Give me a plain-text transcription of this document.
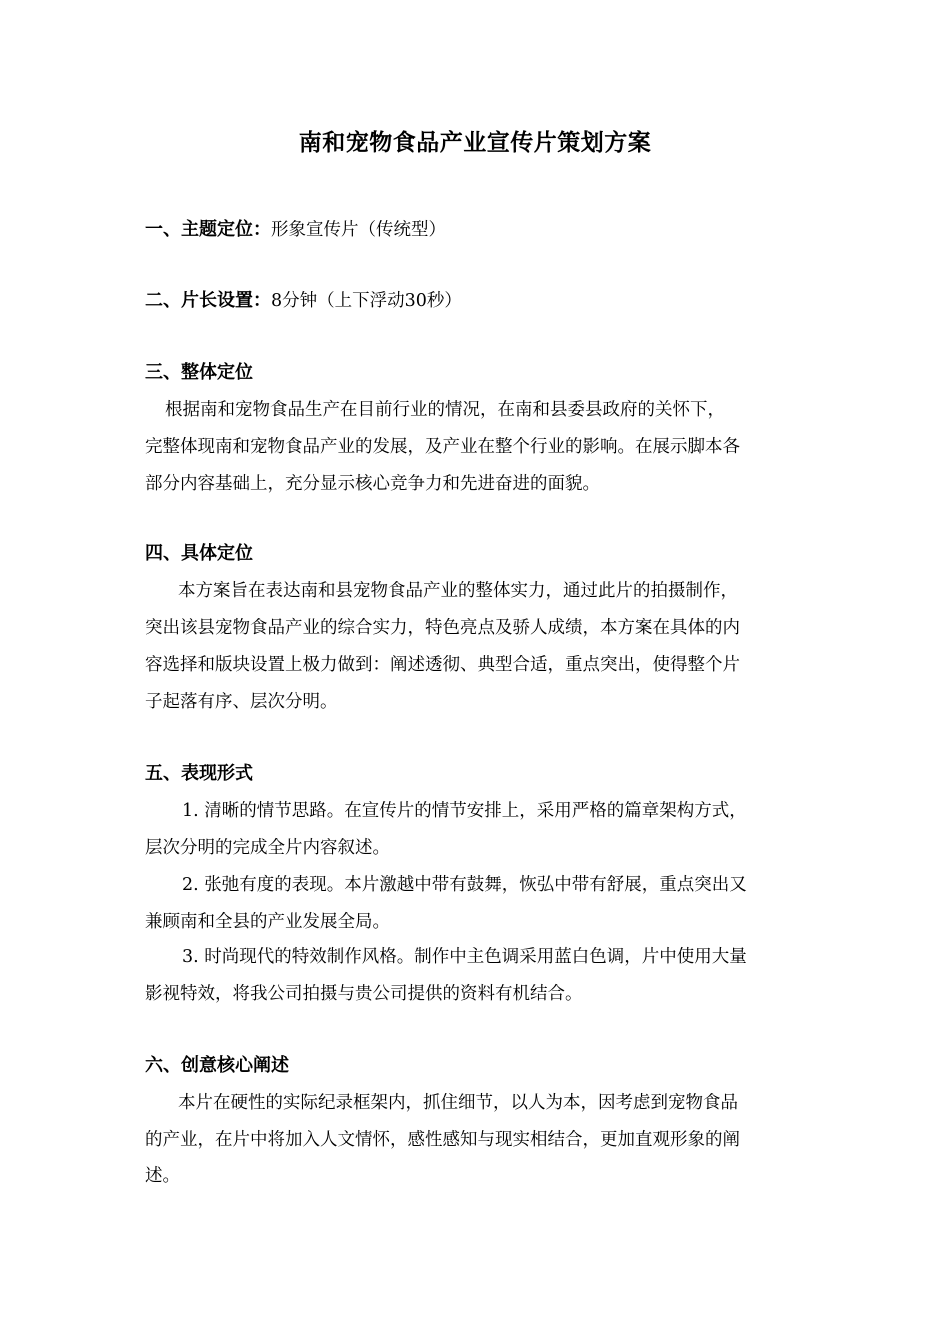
南和宠物食品产业宣传片策划方案
一、主题定位：形象宣传片（传统型）
二、片长设置：8分钟（上下浮动30秒）
三、整体定位
根据南和宠物食品生产在目前行业的情况，在南和县委县政府的关怀下，
完整体现南和宠物食品产业的发展，及产业在整个行业的影响。在展示脚本各
部分内容基础上，充分显示核心竞争力和先进奋进的面貌。
四、具体定位
本方案旨在表达南和县宠物食品产业的整体实力，通过此片的拍摄制作，
突出该县宠物食品产业的综合实力，特色亮点及骄人成绩，本方案在具体的内
容选择和版块设置上极力做到：阐述透彻、典型合适，重点突出，使得整个片
子起落有序、层次分明。
五、表现形式
1. 清晰的情节思路。在宣传片的情节安排上，采用严格的篇章架构方式，
层次分明的完成全片内容叙述。
2. 张弛有度的表现。本片激越中带有鼓舞，恢弘中带有舒展，重点突出又
兼顾南和全县的产业发展全局。
3. 时尚现代的特效制作风格。制作中主色调采用蓝白色调，片中使用大量
影视特效，将我公司拍摄与贵公司提供的资料有机结合。
六、创意核心阐述
本片在硬性的实际纪录框架内，抓住细节，以人为本，因考虑到宠物食品
的产业，在片中将加入人文情怀，感性感知与现实相结合，更加直观形象的阐
述。
